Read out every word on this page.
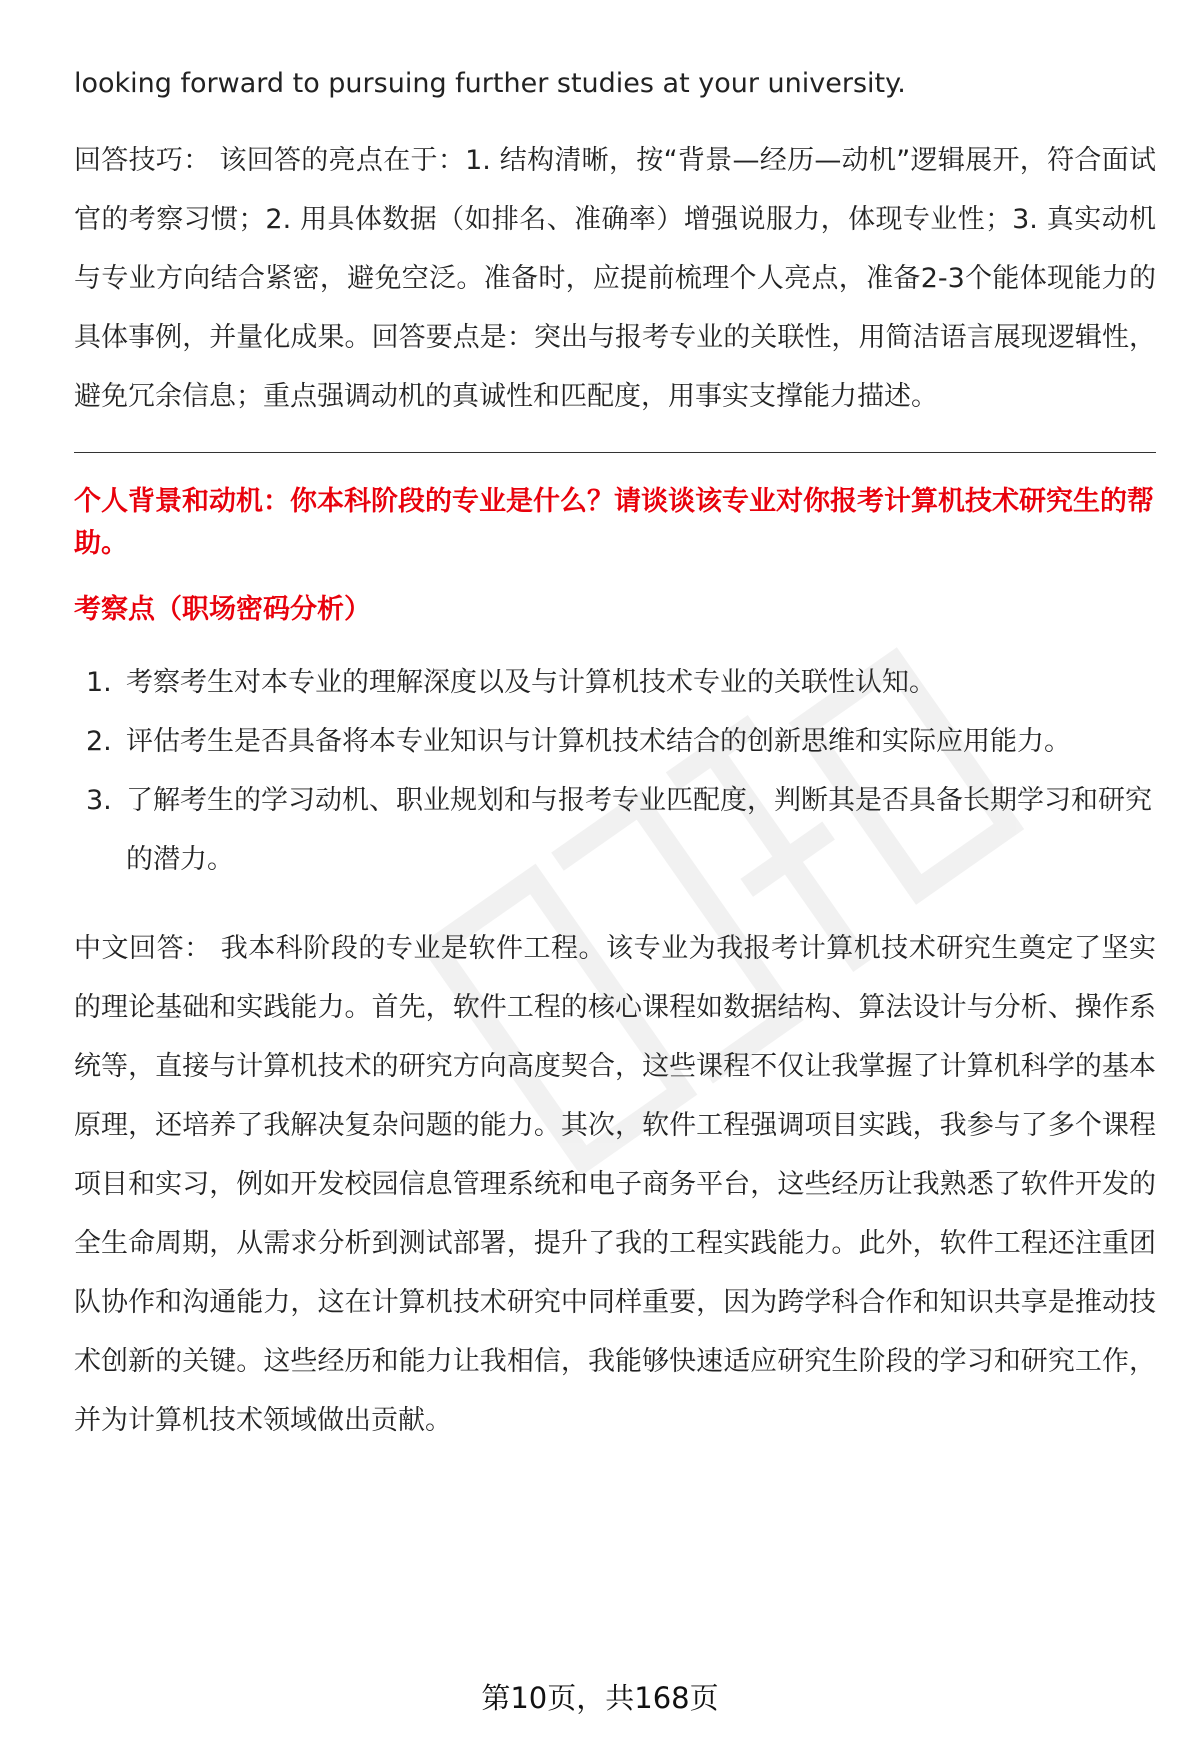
looking forward to pursuing further studies at your university.

回答技巧： 该回答的亮点在于：1. 结构清晰，按“背景—经历—动机”逻辑展开，符合面试官的考察习惯；2. 用具体数据（如排名、准确率）增强说服力，体现专业性；3. 真实动机与专业方向结合紧密，避免空泛。准备时，应提前梳理个人亮点，准备2-3个能体现能力的具体事例，并量化成果。回答要点是：突出与报考专业的关联性，用简洁语言展现逻辑性，避免冗余信息；重点强调动机的真诚性和匹配度，用事实支撑能力描述。

个人背景和动机：你本科阶段的专业是什么？请谈谈该专业对你报考计算机技术研究生的帮助。

考察点（职场密码分析）

1. 考察考生对本专业的理解深度以及与计算机技术专业的关联性认知。
2. 评估考生是否具备将本专业知识与计算机技术结合的创新思维和实际应用能力。
3. 了解考生的学习动机、职业规划和与报考专业匹配度，判断其是否具备长期学习和研究的潜力。

中文回答： 我本科阶段的专业是软件工程。该专业为我报考计算机技术研究生奠定了坚实的理论基础和实践能力。首先，软件工程的核心课程如数据结构、算法设计与分析、操作系统等，直接与计算机技术的研究方向高度契合，这些课程不仅让我掌握了计算机科学的基本原理，还培养了我解决复杂问题的能力。其次，软件工程强调项目实践，我参与了多个课程项目和实习，例如开发校园信息管理系统和电子商务平台，这些经历让我熟悉了软件开发的全生命周期，从需求分析到测试部署，提升了我的工程实践能力。此外，软件工程还注重团队协作和沟通能力，这在计算机技术研究中同样重要，因为跨学科合作和知识共享是推动技术创新的关键。这些经历和能力让我相信，我能够快速适应研究生阶段的学习和研究工作，并为计算机技术领域做出贡献。

第10页，共168页
